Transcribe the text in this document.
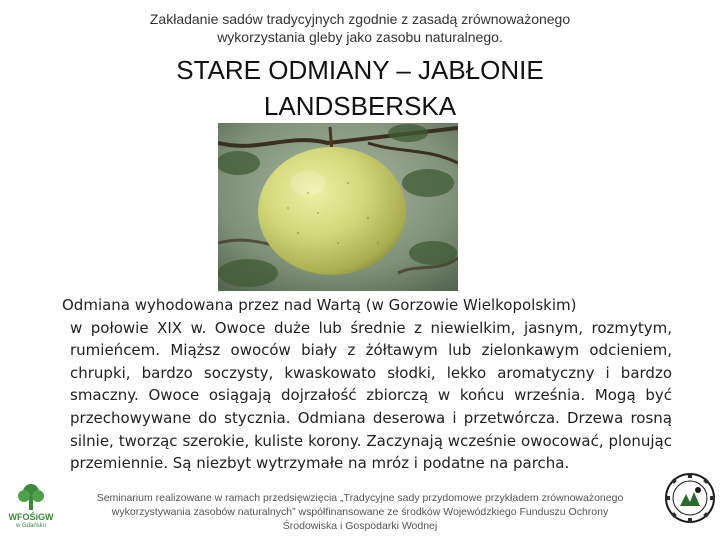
Zakładanie sadów tradycyjnych zgodnie z zasadą zrównoważonego
wykorzystania gleby jako zasobu naturalnego.
STARE ODMIANY – JABŁONIE
LANDSBERSKA
Odmiana wyhodowana przez nad Wartą (w Gorzowie Wielkopolskim)
w połowie XIX w. Owoce duże lub średnie z niewielkim, jasnym, rozmytym, rumieńcem. Miąższ owoców biały z żółtawym lub zielonkawym odcieniem, chrupki, bardzo soczysty, kwaskowato słodki, lekko aromatyczny i bardzo smaczny. Owoce osiągają dojrzałość zbiorczą w końcu września. Mogą być przechowywane do stycznia. Odmiana deserowa i przetwórcza. Drzewa rosną silnie, tworząc szerokie, kuliste korony. Zaczynają wcześnie owocować, plonując przemiennie. Są niezbyt wytrzymałe na mróz i podatne na parcha.
WFOŚiGW
w Gdańsku
Seminarium realizowane w ramach przedsięwzięcia „Tradycyjne sady przydomowe przykładem zrównoważonego
wykorzystywania zasobów naturalnych” współfinansowane ze środków Wojewódzkiego Funduszu Ochrony
Środowiska i Gospodarki Wodnej
